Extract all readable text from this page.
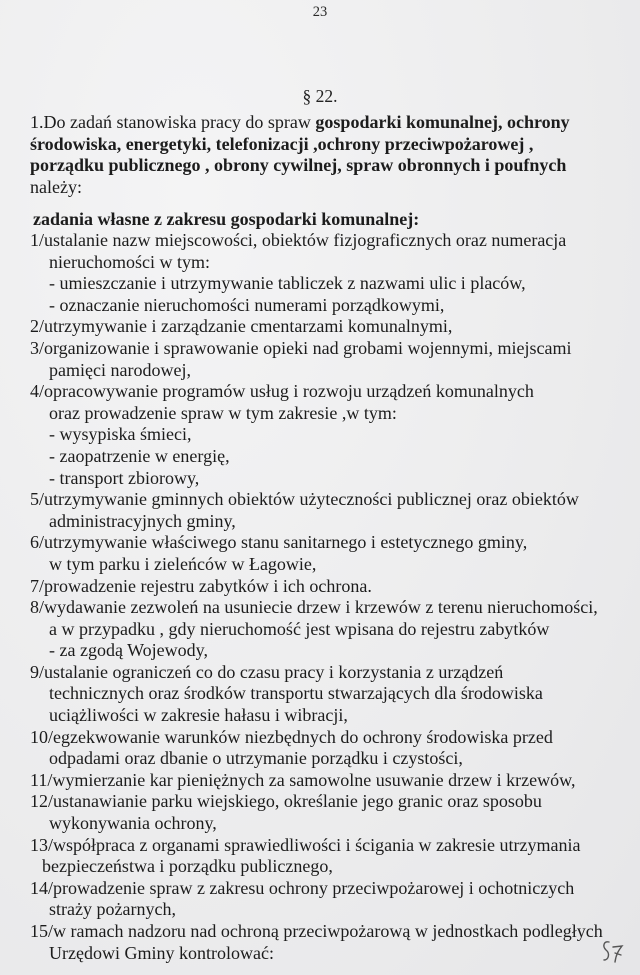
23
§ 22.

1.Do zadań stanowiska pracy do spraw gospodarki komunalnej, ochrony

środowiska, energetyki, telefonizacji ,ochrony przeciwpożarowej ,

porządku publicznego , obrony cywilnej, spraw obronnych i poufnych

należy:

zadania własne z zakresu gospodarki komunalnej:

1/ustalanie nazw miejscowości, obiektów fizjograficznych oraz numeracja

nieruchomości w tym:

- umieszczanie i utrzymywanie tabliczek z nazwami ulic i placów,

- oznaczanie nieruchomości numerami porządkowymi,

2/utrzymywanie i zarządzanie cmentarzami komunalnymi,

3/organizowanie i sprawowanie opieki nad grobami wojennymi, miejscami

pamięci narodowej,

4/opracowywanie programów usług i rozwoju urządzeń komunalnych

oraz prowadzenie spraw w tym zakresie ,w tym:

- wysypiska śmieci,

- zaopatrzenie w energię,

- transport zbiorowy,

5/utrzymywanie gminnych obiektów użyteczności publicznej oraz obiektów

administracyjnych gminy,

6/utrzymywanie właściwego stanu sanitarnego i estetycznego gminy,

w tym parku i zieleńców w Łagowie,

7/prowadzenie rejestru zabytków i ich ochrona.

8/wydawanie zezwoleń na usuniecie drzew i krzewów z terenu nieruchomości,

a w przypadku , gdy nieruchomość jest wpisana do rejestru zabytków

- za zgodą Wojewody,

9/ustalanie ograniczeń co do czasu pracy i korzystania z urządzeń

technicznych oraz środków transportu stwarzających dla środowiska

uciążliwości w zakresie hałasu i wibracji,

10/egzekwowanie warunków niezbędnych do ochrony środowiska przed

odpadami oraz dbanie o utrzymanie porządku i czystości,

11/wymierzanie kar pieniężnych za samowolne usuwanie drzew i krzewów,

12/ustanawianie parku wiejskiego, określanie jego granic oraz sposobu

wykonywania ochrony,

13/współpraca z organami sprawiedliwości i ścigania w zakresie utrzymania

bezpieczeństwa i porządku publicznego,

14/prowadzenie spraw z zakresu ochrony przeciwpożarowej i ochotniczych

straży pożarnych,

15/w ramach nadzoru nad ochroną przeciwpożarową w jednostkach podległych

Urzędowi Gminy kontrolować:
